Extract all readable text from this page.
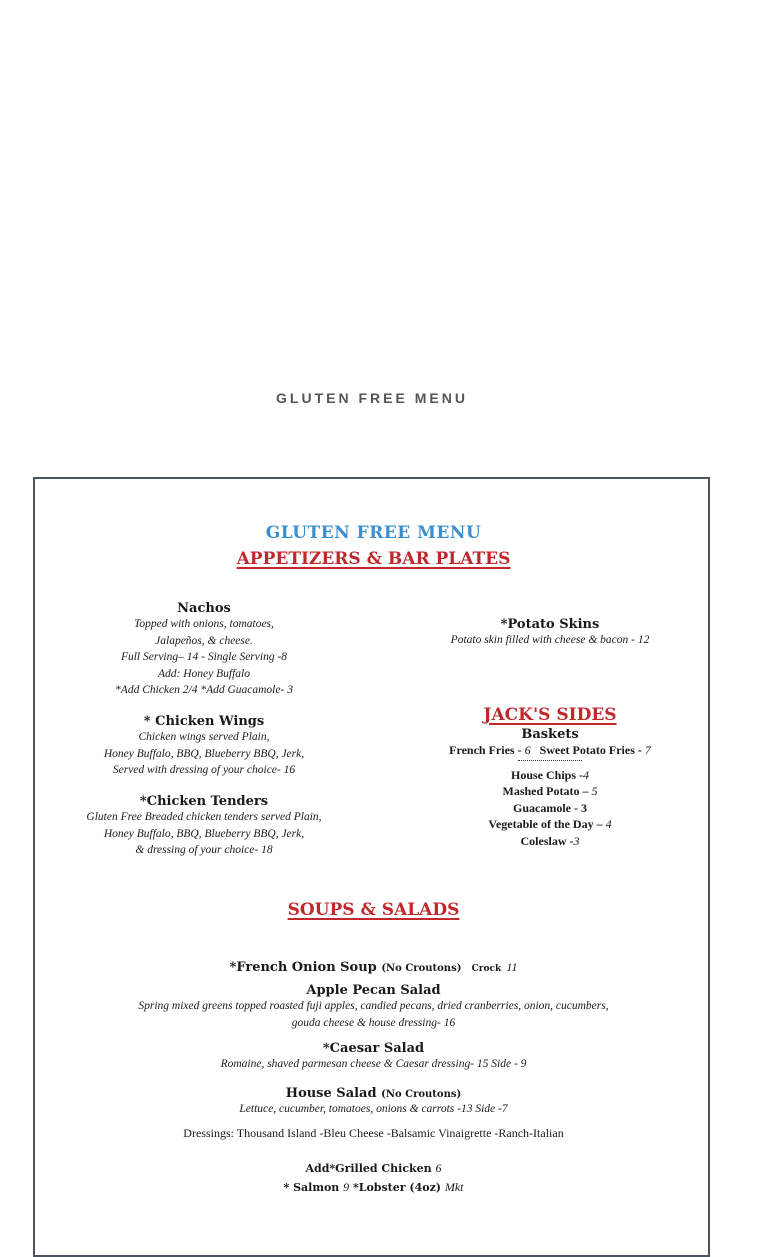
GLUTEN FREE MENU
GLUTEN FREE MENU
APPETIZERS & BAR PLATES
Nachos
Topped with onions, tomatoes,
Jalapeños, & cheese.
Full Serving– 14 - Single Serving -8
Add: Honey Buffalo
*Add Chicken 2/4 *Add Guacamole- 3
* Chicken Wings
Chicken wings served Plain,
Honey Buffalo, BBQ, Blueberry BBQ, Jerk,
Served with dressing of your choice- 16
*Chicken Tenders
Gluten Free Breaded chicken tenders served Plain,
Honey Buffalo, BBQ, Blueberry BBQ, Jerk,
& dressing of your choice- 18
*Potato Skins
Potato skin filled with cheese & bacon - 12
JACK'S SIDES
Baskets
French Fries - 6 Sweet Potato Fries - 7
House Chips -4
Mashed Potato – 5
Guacamole - 3
Vegetable of the Day – 4
Coleslaw -3
SOUPS & SALADS
*French Onion Soup (No Croutons) Crock 11
Apple Pecan Salad
Spring mixed greens topped roasted fuji apples, candied pecans, dried cranberries, onion, cucumbers,
gouda cheese & house dressing- 16
*Caesar Salad
Romaine, shaved parmesan cheese & Caesar dressing- 15 Side - 9
House Salad (No Croutons)
Lettuce, cucumber, tomatoes, onions & carrots -13 Side -7
Dressings: Thousand Island -Bleu Cheese -Balsamic Vinaigrette -Ranch-Italian
Add*Grilled Chicken 6
* Salmon 9 *Lobster (4oz) Mkt
